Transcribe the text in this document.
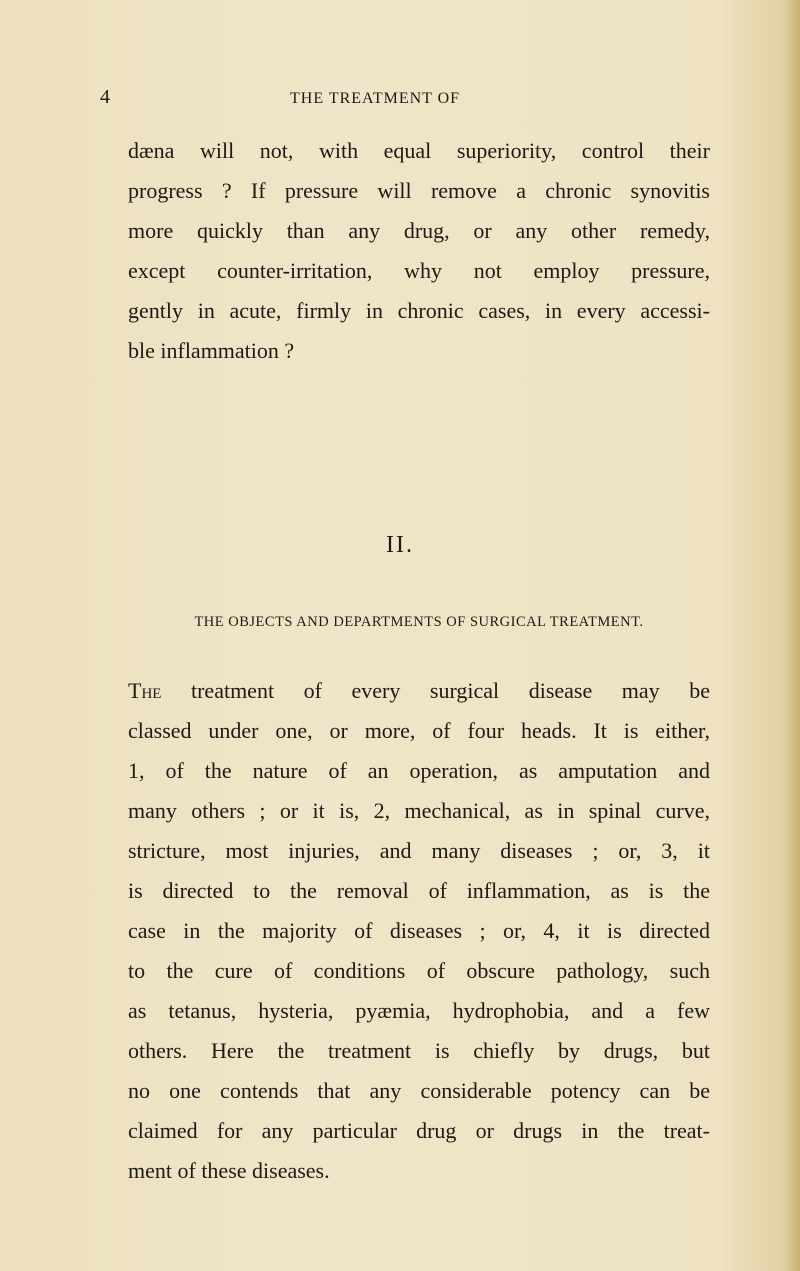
4	THE TREATMENT OF
dæna will not, with equal superiority, control their
progress ? If pressure will remove a chronic synovitis
more quickly than any drug, or any other remedy,
except counter-irritation, why not employ pressure,
gently in acute, firmly in chronic cases, in every accessi-
ble inflammation ?
II.
THE OBJECTS AND DEPARTMENTS OF SURGICAL TREATMENT.
The treatment of every surgical disease may be
classed under one, or more, of four heads. It is either,
1, of the nature of an operation, as amputation and
many others ; or it is, 2, mechanical, as in spinal curve,
stricture, most injuries, and many diseases ; or, 3, it
is directed to the removal of inflammation, as is the
case in the majority of diseases ; or, 4, it is directed
to the cure of conditions of obscure pathology, such
as tetanus, hysteria, pyæmia, hydrophobia, and a few
others. Here the treatment is chiefly by drugs, but
no one contends that any considerable potency can be
claimed for any particular drug or drugs in the treat-
ment of these diseases.
